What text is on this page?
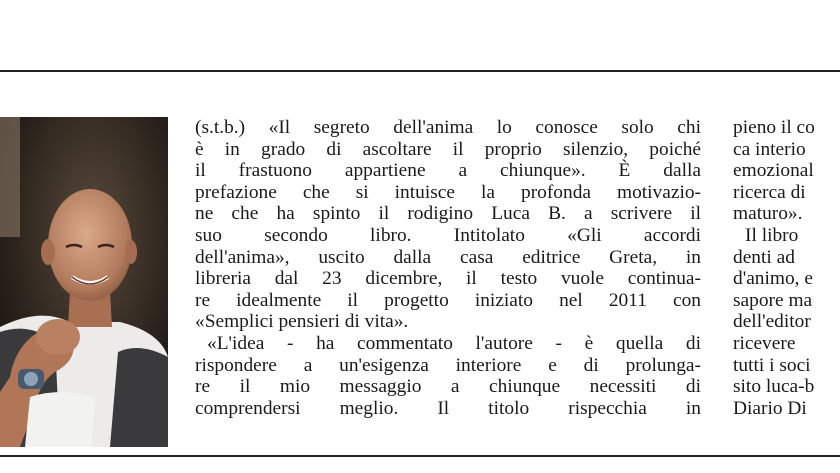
(s.t.b.) «Il segreto dell'anima lo conosce solo chi
è in grado di ascoltare il proprio silenzio, poiché
il frastuono appartiene a chiunque». È dalla
prefazione che si intuisce la profonda motivazio-
ne che ha spinto il rodigino Luca B. a scrivere il
suo secondo libro. Intitolato «Gli accordi
dell'anima», uscito dalla casa editrice Greta, in
libreria dal 23 dicembre, il testo vuole continua-
re idealmente il progetto iniziato nel 2011 con
«Semplici pensieri di vita».
«L'idea - ha commentato l'autore - è quella di
rispondere a un'esigenza interiore e di prolunga-
re il mio messaggio a chiunque necessiti di
comprendersi meglio. Il titolo rispecchia in
pieno il co
ca interio
emozional
ricerca di
maturo».
Il libro
denti ad
d'animo, e
sapore ma
dell'editor
ricevere
tutti i soci
sito luca-b
Diario Di
